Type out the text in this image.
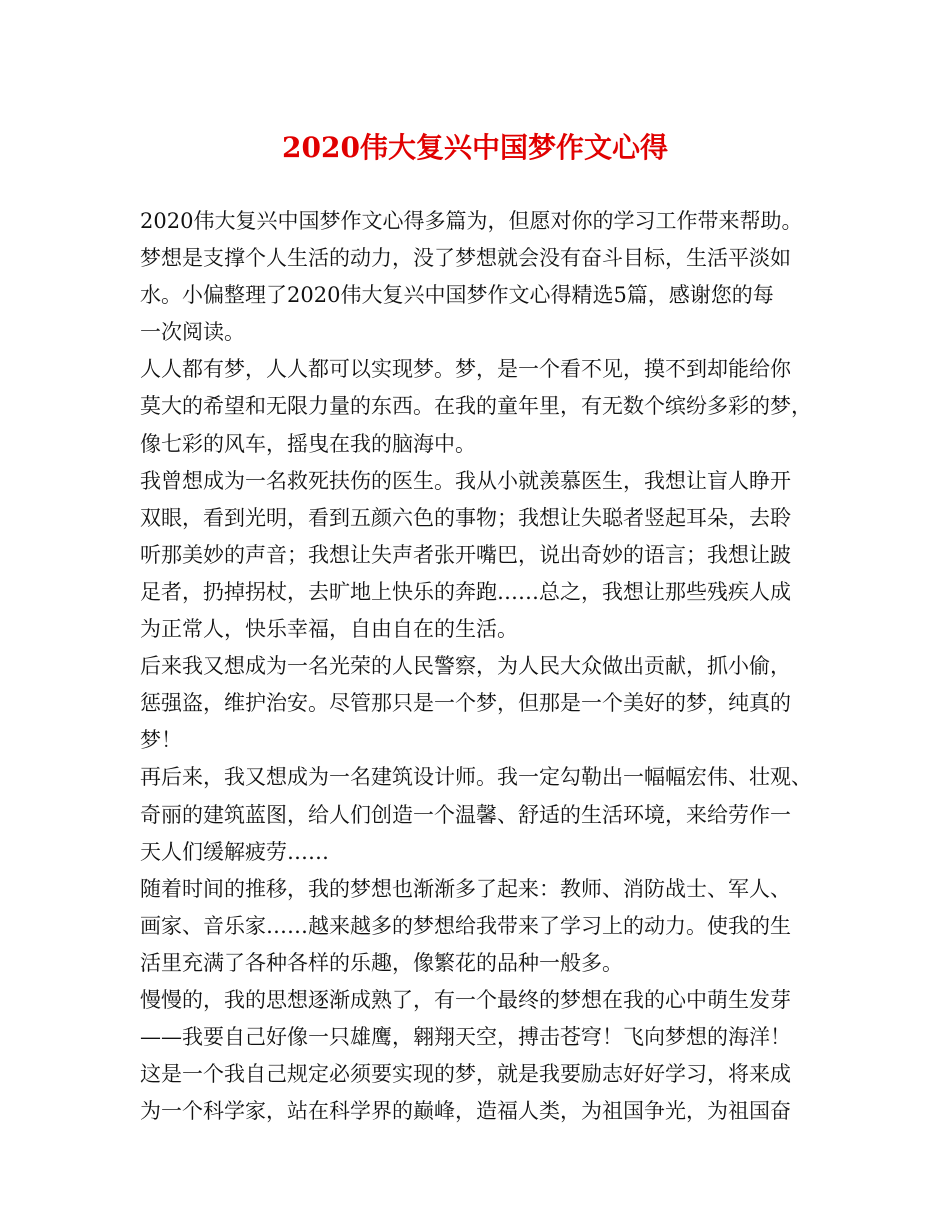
2020伟大复兴中国梦作文心得
2020伟大复兴中国梦作文心得多篇为，但愿对你的学习工作带来帮助。
梦想是支撑个人生活的动力，没了梦想就会没有奋斗目标，生活平淡如
水。小偏整理了2020伟大复兴中国梦作文心得精选5篇，感谢您的每
一次阅读。
人人都有梦，人人都可以实现梦。梦，是一个看不见，摸不到却能给你
莫大的希望和无限力量的东西。在我的童年里，有无数个缤纷多彩的梦，
像七彩的风车，摇曳在我的脑海中。
我曾想成为一名救死扶伤的医生。我从小就羡慕医生，我想让盲人睁开
双眼，看到光明，看到五颜六色的事物；我想让失聪者竖起耳朵，去聆
听那美妙的声音；我想让失声者张开嘴巴，说出奇妙的语言；我想让跛
足者，扔掉拐杖，去旷地上快乐的奔跑……总之，我想让那些残疾人成
为正常人，快乐幸福，自由自在的生活。
后来我又想成为一名光荣的人民警察，为人民大众做出贡献，抓小偷，
惩强盗，维护治安。尽管那只是一个梦，但那是一个美好的梦，纯真的
梦！
再后来，我又想成为一名建筑设计师。我一定勾勒出一幅幅宏伟、壮观、
奇丽的建筑蓝图，给人们创造一个温馨、舒适的生活环境，来给劳作一
天人们缓解疲劳……
随着时间的推移，我的梦想也渐渐多了起来：教师、消防战士、军人、
画家、音乐家……越来越多的梦想给我带来了学习上的动力。使我的生
活里充满了各种各样的乐趣，像繁花的品种一般多。
慢慢的，我的思想逐渐成熟了，有一个最终的梦想在我的心中萌生发芽
——我要自己好像一只雄鹰，翱翔天空，搏击苍穹！飞向梦想的海洋！
这是一个我自己规定必须要实现的梦，就是我要励志好好学习，将来成
为一个科学家，站在科学界的巅峰，造福人类，为祖国争光，为祖国奋
